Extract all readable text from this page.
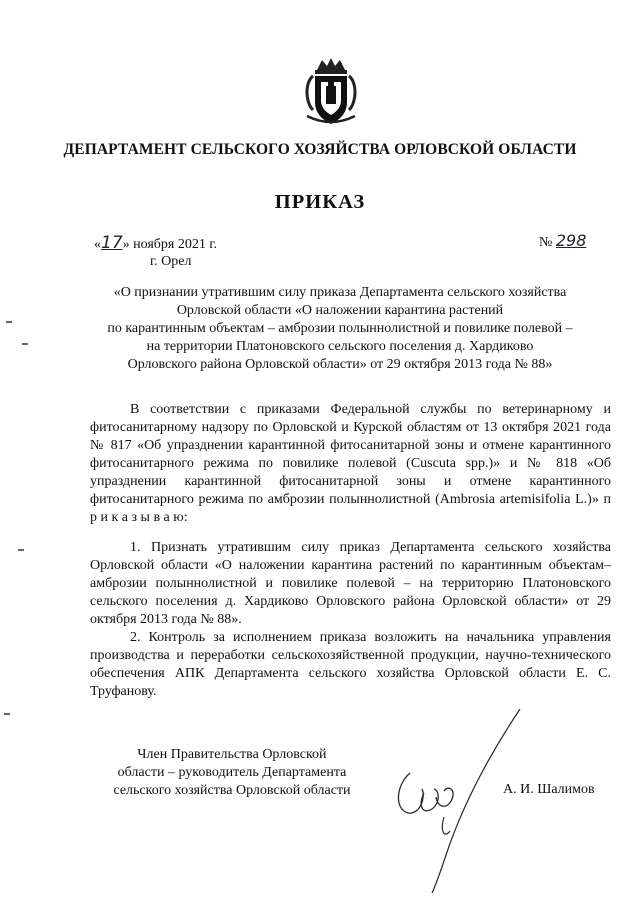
ДЕПАРТАМЕНТ СЕЛЬСКОГО ХОЗЯЙСТВА ОРЛОВСКОЙ ОБЛАСТИ
ПРИКАЗ
«17» ноября 2021 г.	№ 298
г. Орел
«О признании утратившим силу приказа Департамента сельского хозяйства
Орловской области «О наложении карантина растений
по карантинным объектам – амброзии полыннолистной и повилике полевой –
на территории Платоновского сельского поселения д. Хардиково
Орловского района Орловской области» от 29 октября 2013 года № 88»
В соответствии с приказами Федеральной службы по ветеринарному и фитосанитарному надзору по Орловской и Курской областям от 13 октября 2021 года № 817 «Об упразднении карантинной фитосанитарной зоны и отмене карантинного фитосанитарного режима по повилике полевой (Cuscuta spp.)» и № 818 «Об упразднении карантинной фитосанитарной зоны и отмене карантинного фитосанитарного режима по амброзии полыннолистной (Ambrosia artemisifolia L.)» п р и к а з ы в а ю:
1. Признать утратившим силу приказ Департамента сельского хозяйства Орловской области «О наложении карантина растений по карантинным объектам–амброзии полыннолистной и повилике полевой – на территорию Платоновского сельского поселения д. Хардиково Орловского района Орловской области» от 29 октября 2013 года № 88».
2. Контроль за исполнением приказа возложить на начальника управления производства и переработки сельскохозяйственной продукции, научно-технического обеспечения АПК Департамента сельского хозяйства Орловской области Е. С. Труфанову.
Член Правительства Орловской
области – руководитель Департамента
сельского хозяйства Орловской области	А. И. Шалимов
